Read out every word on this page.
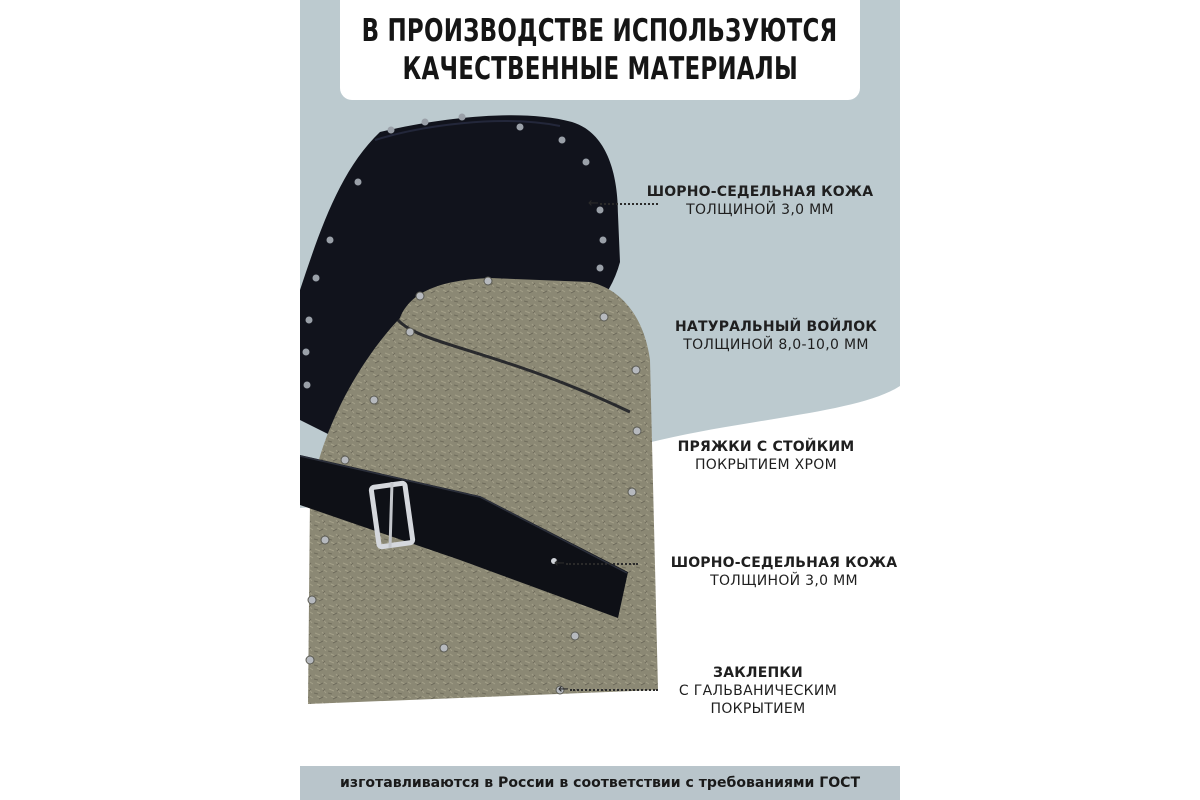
В ПРОИЗВОДСТВЕ ИСПОЛЬЗУЮТСЯ
КАЧЕСТВЕННЫЕ МАТЕРИАЛЫ
ШОРНО-СЕДЕЛЬНАЯ КОЖА
ТОЛЩИНОЙ 3,0 ММ
←
НАТУРАЛЬНЫЙ ВОЙЛОК
ТОЛЩИНОЙ 8,0-10,0 ММ
ПРЯЖКИ С СТОЙКИМ
ПОКРЫТИЕМ ХРОМ
ШОРНО-СЕДЕЛЬНАЯ КОЖА
ТОЛЩИНОЙ 3,0 ММ
←
ЗАКЛЕПКИ
С ГАЛЬВАНИЧЕСКИМ
ПОКРЫТИЕМ
←
изготавливаются в России в соответствии с требованиями ГОСТ
